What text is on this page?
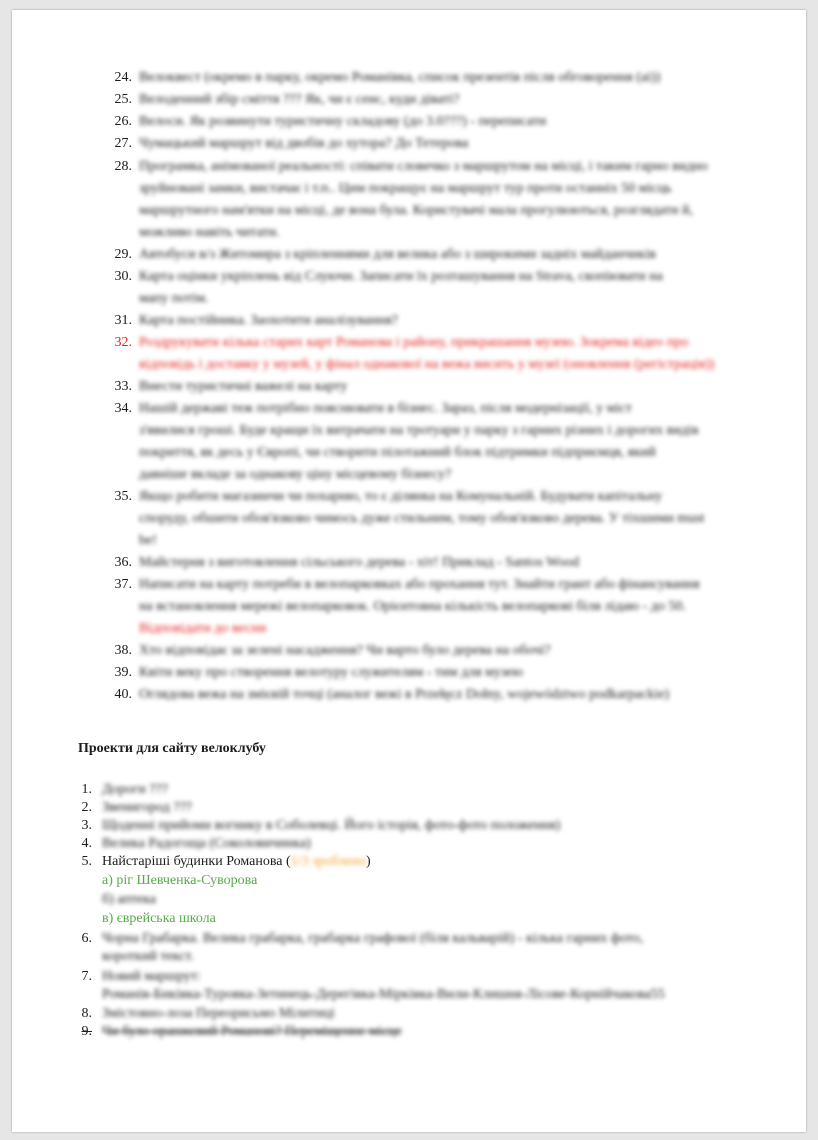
24. Велоквест (окремо в парку, окремо Романівка, список презентів після обговорення (ai))
25. Велоденний збір сміття ??? Як, чи є сенс, куди діваті?
26. Велоси. Як розвинути туристичну складову (до 3.0???) - переписати
27. Чумацький маршрут від двобів до хутора? До Тетерова
28. Програмка, анімованої реальності: співати словечко з маршрутом на місці, і таким гарно видно
зруйновані замки, вистачає і т.п.. Цим покращує на маршрут тур проти останніх 50 місць
маршрутного нам'ятки на місці, де вона була. Користувачі мала прогулюються, розглядати й,
можливо навіть читати.
29. Автобуси в/з Житомира з кріпленнями для велика або з широкими задніх майданчиків
30. Карта оцінки укріплень від Слуючи. Записати їх розташування на Strava, скопіювати на
мапу потім.
31. Карта постійника. Заохотити аналізування?
32. Роздрукувати кілька старих карт Романова і району, прикрашання музею. Зокрема відео про
відповідь і доставку у музей, у фінал однакової на вежа висить у музеї (оновлення (регістрація))
33. Внести туристичні важелі на карту
34. Нашій державі теж потрібно пояснювати в бізнес. Зараз, після модернізації, у міст
з'явилися гроші. Буде кращи їх витрачати на тротуари у парку з гарних різних і дорогих видів
покриття, як десь у Європі, чи створити пілотажний блок підтримки підприємця, який
давніше вкладе за однакову ціну місцевому бізнесу?
35. Якщо робити магазинчи чи похарню, то є ділянка на Комунальній. Будувати капітальну
споруду, обшити обов'язково чимось дуже стильним, тому обов'язково дерева. У тіхшими must
be!
36. Майстерня з виготовлення сільського дерева - хіт! Приклад - Santos Wood
37. Написати на карту потреби в велопарковках або прохання тут. Знайти грант або фінансування
на встановлення мережі велопарковок. Орієнтовна кількість велопаркові біля лідаю - до 50.
Відповідати до весни
38. Хто відповідає за зелені насадження? Чи варто було дерева на обочі?
39. Квіти веку про створення велотуру служителям - тим для музею
40. Оглядова вежа на змієвій точці (аналог вежі в Przełęcz Dołny, województwo podkarpackie)
Проекти для сайту велоклубу
1. Дороги ???
2. Звенигород ???
3. Щоденні прийоми вогнику в Соболевці. Його історія, фото-фото положення)
4. Велика Радогоща (Соколовичинка)
5. Найстаріші будинки Романова (1/3 зроблено)
а) ріг Шевченка-Суворова
б) аптека
в) єврейська школа
6. Чорна Грабарка. Велика грабарка, грабарка графової (біля кальварій) - кілька гарних фото,
короткий текст.
7. Новий маршрут:
Романів-Биківка-Туровка-Зетинець-Дерегівка-Мірківка-Вили-Клишня-Лісове-Корнійчакова55
8. Змістовно-лоза Переорисьмо Мілитиці
9. Чи було оранжевий Романові? Переміщенне місце
